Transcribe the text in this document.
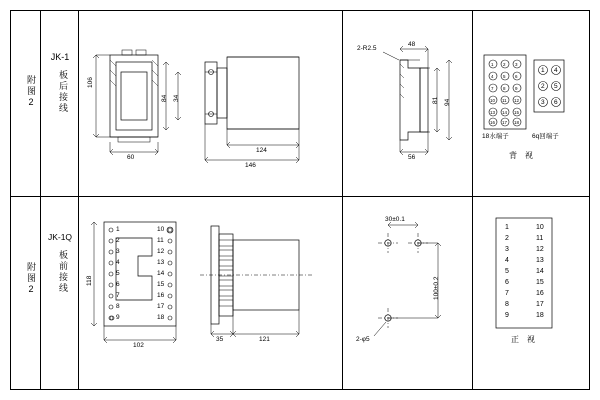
附图2
JK-1
板后接线
附图2
JK-1Q
板前接线
106
84 34
60
124
146
2-R2.5
48
81 94
56
18水端子	6q回端子
背　视
1 4
2 5
3 6
1 2 3
4 5 6
7 8 9
10 11 12
13 14 15
16 17 18
118
102
35	121
30±0.1
100±0.2
2-φ5
1
2
3
4
5
6
7
8
9
10
11
12
13
14
15
16
17
18
1
2
3
4
5
6
7
8
9
10
11
12
13
14
15
16
17
18
正　视
